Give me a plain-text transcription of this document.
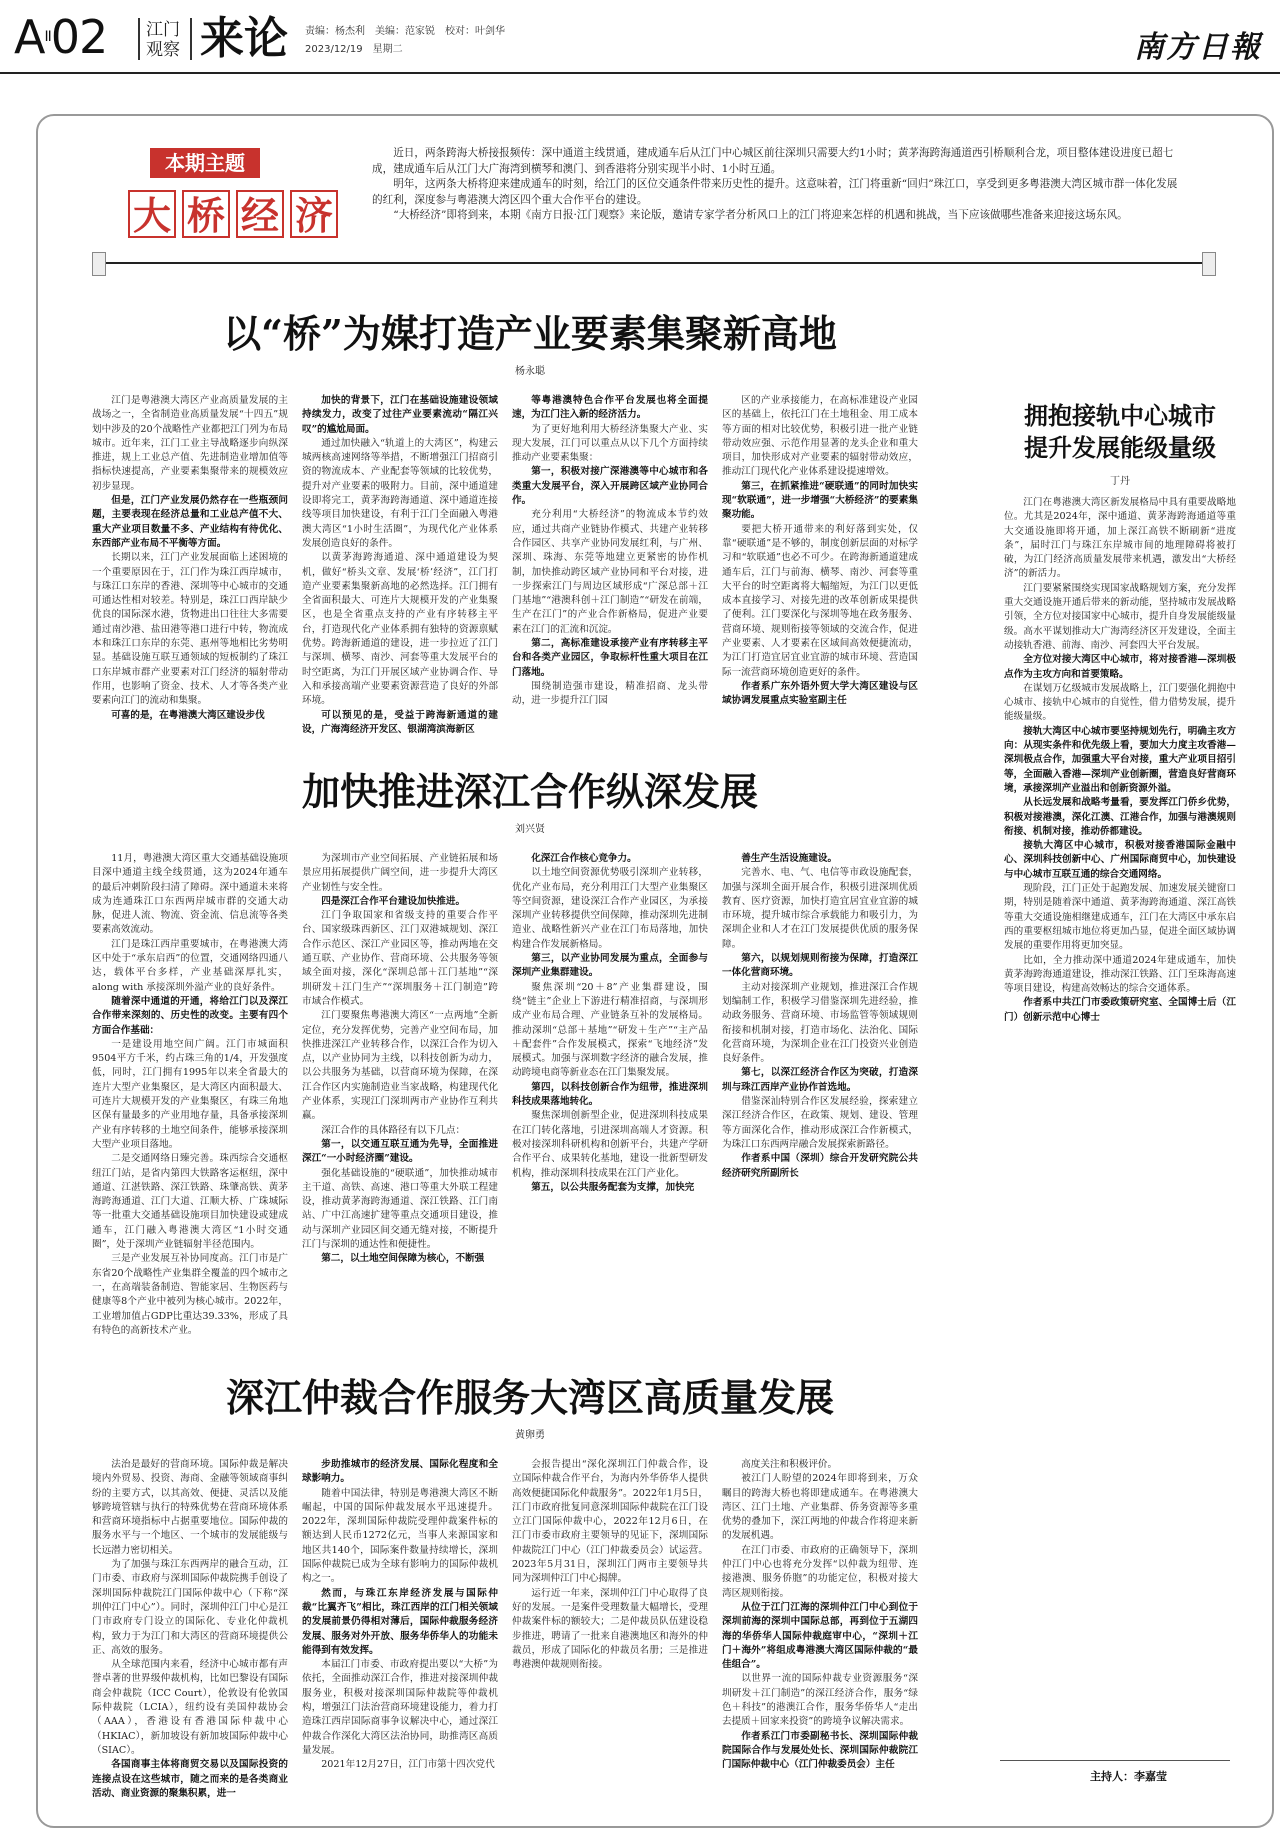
AII02 江门
观察 来论 责编：杨杰利　美编：范家锐　校对：叶剑华
2023/12/19　星期二	南方日報
本期主题
大 桥 经 济

近日，两条跨海大桥接报频传：深中通道主线贯通，建成通车后从江门中心城区前往深圳只需要大约1小时；黄茅海跨海通道西引桥顺利合龙，项目整体建设进度已超七成，建成通车后从江门大广海湾到横琴和澳门、到香港将分别实现半小时、1小时互通。

明年，这两条大桥将迎来建成通车的时刻，给江门的区位交通条件带来历史性的提升。这意味着，江门将重新“回归”珠江口，享受到更多粤港澳大湾区城市群一体化发展的红利，深度参与粤港澳大湾区四个重大合作平台的建设。

“大桥经济”即将到来，本期《南方日报·江门观察》来论版，邀请专家学者分析风口上的江门将迎来怎样的机遇和挑战，当下应该做哪些准备来迎接这场东风。

以“桥”为媒打造产业要素集聚新高地
杨永聪

江门是粤港澳大湾区产业高质量发展的主战场之一，全省制造业高质量发展“十四五”规划中涉及的20个战略性产业都把江门列为布局城市。近年来，江门工业主导战略逐步向纵深推进，规上工业总产值、先进制造业增加值等指标快速提高，产业要素集聚带来的规模效应初步显现。

但是，江门产业发展仍然存在一些瓶颈问题，主要表现在经济总量和工业总产值不大、重大产业项目数量不多、产业结构有待优化、东西部产业布局不平衡等方面。

长期以来，江门产业发展面临上述困境的一个重要原因在于，江门作为珠江西岸城市，与珠江口东岸的香港、深圳等中心城市的交通可通达性相对较差。特别是，珠江口西岸缺少优良的国际深水港，货物进出口往往大多需要通过南沙港、盐田港等港口进行中转，物流成本和珠江口东岸的东莞、惠州等地相比劣势明显。基础设施互联互通领域的短板制约了珠江口东岸城市群产业要素对江门经济的辐射带动作用，也影响了资金、技术、人才等各类产业要素向江门的流动和集聚。

可喜的是，在粤港澳大湾区建设步伐

加快的背景下，江门在基础设施建设领域持续发力，改变了过往产业要素流动“隔江兴叹”的尴尬局面。

通过加快融入“轨道上的大湾区”，构建云城两核高速网络等举措，不断增强江门招商引资的物流成本、产业配套等领域的比较优势，提升对产业要素的吸附力。目前，深中通道建设即将完工，黄茅海跨海通道、深中通道连接线等项目加快建设，有利于江门全面融入粤港澳大湾区“1小时生活圈”，为现代化产业体系发展创造良好的条件。

以黄茅海跨海通道、深中通道建设为契机，做好“桥头文章、发展‘桥’经济”，江门打造产业要素集聚新高地的必然选择。江门拥有全省面积最大、可连片大规模开发的产业集聚区，也是全省重点支持的产业有序转移主平台，打造现代化产业体系拥有独特的资源禀赋优势。跨海新通道的建设，进一步拉近了江门与深圳、横琴、南沙、河套等重大发展平台的时空距离，为江门开展区域产业协调合作、导入和承接高端产业要素资源营造了良好的外部环境。

可以预见的是，受益于跨海新通道的建设，广海湾经济开发区、银湖湾滨海新区

等粤港澳特色合作平台发展也将全面提速，为江门注入新的经济活力。

为了更好地利用大桥经济集聚大产业、实现大发展，江门可以重点从以下几个方面持续推动产业要素集聚：

第一，积极对接广深港澳等中心城市和各类重大发展平台，深入开展跨区域产业协同合作。

充分利用“大桥经济”的物流成本节约效应，通过共商产业链协作模式、共建产业转移合作园区、共享产业协同发展红利，与广州、深圳、珠海、东莞等地建立更紧密的协作机制，加快推动跨区域产业协同和平台对接，进一步探索江门与周边区域形成“广深总部＋江门基地”“港澳科创＋江门制造”“研发在前端，生产在江门”的产业合作新格局，促进产业要素在江门的汇流和沉淀。

第二，高标准建设承接产业有序转移主平台和各类产业园区，争取标杆性重大项目在江门落地。

围绕制造强市建设，精准招商、龙头带动，进一步提升江门园

区的产业承接能力，在高标准建设产业园区的基础上，依托江门在土地租金、用工成本等方面的相对比较优势，积极引进一批产业链带动效应强、示范作用显著的龙头企业和重大项目，加快形成对产业要素的辐射带动效应，推动江门现代化产业体系建设提速增效。

第三，在抓紧推进“硬联通”的同时加快实现“软联通”，进一步增强“大桥经济”的要素集聚功能。

要把大桥开通带来的利好落到实处，仅靠“硬联通”是不够的，制度创新层面的对标学习和“软联通”也必不可少。在跨海新通道建成通车后，江门与前海、横琴、南沙、河套等重大平台的时空距离将大幅缩短，为江门以更低成本直接学习、对接先进的改革创新成果提供了便利。江门要深化与深圳等地在政务服务、营商环境、规则衔接等领域的交流合作，促进产业要素、人才要素在区域间高效便捷流动，为江门打造宜居宜业宜游的城市环境、营造国际一流营商环境创造更好的条件。

作者系广东外语外贸大学大湾区建设与区域协调发展重点实验室副主任

加快推进深江合作纵深发展
刘兴贤

11月，粤港澳大湾区重大交通基础设施项目深中通道主线全线贯通，这为2024年通车的最后冲刺阶段扫清了障碍。深中通道未来将成为连通珠江口东西两岸城市群的交通大动脉，促进人流、物流、资金流、信息流等各类要素高效流动。

江门是珠江西岸重要城市，在粤港澳大湾区中处于“承东启西”的位置，交通网络四通八达，载体平台多样，产业基础深厚扎实，along with 承接深圳外溢产业的良好条件。

随着深中通道的开通，将给江门以及深江合作带来深刻的、历史性的改变。主要有四个方面合作基础：

一是建设用地空间广阔。江门市城面积9504平方千米，约占珠三角的1/4，开发强度低，同时，江门拥有1995年以来全省最大的连片大型产业集聚区，是大湾区内面积最大、可连片大规模开发的产业集聚区，有珠三角地区保有量最多的产业用地存量，具备承接深圳产业有序转移的土地空间条件，能够承接深圳大型产业项目落地。

二是交通网络日臻完善。珠西综合交通枢纽江门站，是省内第四大铁路客运枢纽，深中通道、江湛铁路、深江铁路、珠肇高铁、黄茅海跨海通道、江门大道、江顺大桥、广珠城际等一批重大交通基础设施项目加快建设或建成通车，江门融入粤港澳大湾区“1小时交通圈”，处于深圳产业链辐射半径范围内。

三是产业发展互补协同度高。江门市是广东省20个战略性产业集群全覆盖的四个城市之一，在高端装备制造、智能家居、生物医药与健康等8个产业中被列为核心城市。2022年，工业增加值占GDP比重达39.33%，形成了具有特色的高新技术产业。

为深圳市产业空间拓展、产业链拓展和场景应用拓展提供广阔空间，进一步提升大湾区产业韧性与安全性。

四是深江合作平台建设加快推进。

江门争取国家和省级支持的重要合作平台、国家级珠西新区、江门双港城规划、深江合作示范区、深江产业园区等，推动两地在交通互联、产业协作、营商环境、公共服务等领域全面对接，深化“深圳总部＋江门基地”“深圳研发＋江门生产”“深圳服务＋江门制造”跨市域合作模式。

江门要聚焦粤港澳大湾区“一点两地”全新定位，充分发挥优势，完善产业空间布局，加快推进深江产业转移合作，以深江合作为切入点，以产业协同为主线，以科技创新为动力，以公共服务为基础，以营商环境为保障，在深江合作区内实施制造业当家战略，构建现代化产业体系，实现江门深圳两市产业协作互利共赢。

深江合作的具体路径有以下几点：

第一，以交通互联互通为先导，全面推进深江“一小时经济圈”建设。

强化基础设施的“硬联通”，加快推动城市主干道、高铁、高速、港口等重大外联工程建设，推动黄茅海跨海通道、深江铁路、江门南站、广中江高速扩建等重点交通项目建设，推动与深圳产业园区间交通无缝对接，不断提升江门与深圳的通达性和便捷性。

第二，以土地空间保障为核心，不断强

化深江合作核心竞争力。

以土地空间资源优势吸引深圳产业转移，优化产业布局，充分利用江门大型产业集聚区等空间资源，建设深江合作产业园区，为承接深圳产业转移提供空间保障，推动深圳先进制造业、战略性新兴产业在江门布局落地，加快构建合作发展新格局。

第三，以产业协同发展为重点，全面参与深圳产业集群建设。

聚焦深圳“20＋8”产业集群建设，围绕“链主”企业上下游进行精准招商，与深圳形成产业布局合理、产业链条互补的发展格局。推动深圳“总部＋基地”“研发＋生产”“主产品＋配套件”合作发展模式，探索“飞地经济”发展模式。加强与深圳数字经济的融合发展，推动跨境电商等新业态在江门集聚发展。

第四，以科技创新合作为纽带，推进深圳科技成果落地转化。

聚焦深圳创新型企业，促进深圳科技成果在江门转化落地，引进深圳高端人才资源。积极对接深圳科研机构和创新平台，共建产学研合作平台、成果转化基地，建设一批新型研发机构，推动深圳科技成果在江门产业化。

第五，以公共服务配套为支撑，加快完

善生产生活设施建设。

完善水、电、气、电信等市政设施配套，加强与深圳全面开展合作，积极引进深圳优质教育、医疗资源，加快打造宜居宜业宜游的城市环境，提升城市综合承载能力和吸引力，为深圳企业和人才在江门发展提供优质的服务保障。

第六，以规划规则衔接为保障，打造深江一体化营商环境。

主动对接深圳产业规划，推进深江合作规划编制工作，积极学习借鉴深圳先进经验，推动政务服务、营商环境、市场监管等领域规则衔接和机制对接，打造市场化、法治化、国际化营商环境，为深圳企业在江门投资兴业创造良好条件。

第七，以深江经济合作区为突破，打造深圳与珠江西岸产业协作首选地。

借鉴深汕特别合作区发展经验，探索建立深江经济合作区，在政策、规划、建设、管理等方面深化合作，推动形成深江合作新模式，为珠江口东西两岸融合发展探索新路径。

作者系中国（深圳）综合开发研究院公共经济研究所副所长

深江仲裁合作服务大湾区高质量发展
黄卵勇

法治是最好的营商环境。国际仲裁是解决境内外贸易、投资、海商、金融等领域商事纠纷的主要方式，以其高效、便捷、灵活以及能够跨境管辖与执行的特殊优势在营商环境体系和营商环境指标中占据重要地位。国际仲裁的服务水平与一个地区、一个城市的发展能级与长远潜力密切相关。

为了加强与珠江东西两岸的融合互动，江门市委、市政府与深圳国际仲裁院携手创设了深圳国际仲裁院江门国际仲裁中心（下称“深圳仲江门中心”）。同时，深圳仲江门中心是江门市政府专门设立的国际化、专业化仲裁机构，致力于为江门和大湾区的营商环境提供公正、高效的服务。

从全球范围内来看，经济中心城市都有声誉卓著的世界级仲裁机构，比如巴黎设有国际商会仲裁院（ICC Court），伦敦设有伦敦国际仲裁院（LCIA），纽约设有美国仲裁协会（AAA），香港设有香港国际仲裁中心（HKIAC），新加坡设有新加坡国际仲裁中心（SIAC）。

各国商事主体将商贸交易以及国际投资的连接点设在这些城市，随之而来的是各类商业活动、商业资源的聚集积累，进一

步助推城市的经济发展、国际化程度和全球影响力。

随着中国法律，特别是粤港澳大湾区不断崛起，中国的国际仲裁发展水平迅速提升。2022年，深圳国际仲裁院受理仲裁案件标的额达到人民币1272亿元，当事人来源国家和地区共140个，国际案件数量持续增长，深圳国际仲裁院已成为全球有影响力的国际仲裁机构之一。

然而，与珠江东岸经济发展与国际仲裁“比翼齐飞”相比，珠江西岸的江门相关领域的发展前景仍得相对薄后，国际仲裁服务经济发展、服务对外开放、服务华侨华人的功能未能得到有效发挥。

本届江门市委、市政府提出要以“大桥”为依托，全面推动深江合作，推进对接深圳仲裁服务业，积极对接深圳国际仲裁院等仲裁机构，增强江门法治营商环境建设能力，着力打造珠江西岸国际商事争议解决中心，通过深江仲裁合作深化大湾区法治协同，助推湾区高质量发展。

2021年12月27日，江门市第十四次党代

会报告提出“深化深圳江门仲裁合作，设立国际仲裁合作平台，为海内外华侨华人提供高效便捷国际化仲裁服务”。2022年1月5日，江门市政府批复同意深圳国际仲裁院在江门设立江门国际仲裁中心，2022年12月6日，在江门市委市政府主要领导的见证下，深圳国际仲裁院江门中心（江门仲裁委员会）试运营。2023年5月31日，深圳江门两市主要领导共同为深圳仲江门中心揭牌。

运行近一年来，深圳仲江门中心取得了良好的发展。一是案件受理数量大幅增长，受理仲裁案件标的额较大；二是仲裁员队伍建设稳步推进，聘请了一批来自港澳地区和海外的仲裁员，形成了国际化的仲裁员名册；三是推进粤港澳仲裁规则衔接。

高度关注和积极评价。

被江门人盼望的2024年即将到来，万众瞩目的跨海大桥也将即建成通车。在粤港澳大湾区、江门土地、产业集群、侨务资源等多重优势的叠加下，深江两地的仲裁合作将迎来新的发展机遇。

在江门市委、市政府的正确领导下，深圳仲江门中心也将充分发挥“以仲裁为纽带、连接港澳、服务侨胞”的功能定位，积极对接大湾区规则衔接。

从位于江门江海的深圳仲江门中心到位于深圳前海的深圳中国际总部，再到位于五湖四海的华侨华人国际仲裁庭审中心，“深圳＋江门＋海外”将组成粤港澳大湾区国际仲裁的“最佳组合”。

以世界一流的国际仲裁专业资源服务“深圳研发＋江门制造”的深江经济合作，服务“绿色＋科技”的港澳江合作，服务华侨华人“走出去提质＋回家来投资”的跨境争议解决需求。

作者系江门市委副秘书长、深圳国际仲裁院国际合作与发展处处长、深圳国际仲裁院江门国际仲裁中心（江门仲裁委员会）主任

拥抱接轨中心城市
提升发展能级量级
丁丹

江门在粤港澳大湾区新发展格局中具有重要战略地位。尤其是2024年，深中通道、黄茅海跨海通道等重大交通设施即将开通，加上深江高铁不断刷新“进度条”，届时江门与珠江东岸城市间的地理障碍将被打破，为江门经济高质量发展带来机遇，激发出“大桥经济”的新活力。

江门要紧紧围绕实现国家战略规划方案，充分发挥重大交通设施开通后带来的新动能，坚持城市发展战略引领，全方位对接国家中心城市，提升自身发展能级量级。高水平谋划推动大广海湾经济区开发建设，全面主动接轨香港、前海、南沙、河套四大平台发展。

全方位对接大湾区中心城市，将对接香港—深圳极点作为主攻方向和首要策略。

在谋划万亿级城市发展战略上，江门要强化拥抱中心城市、接轨中心城市的自觉性，借力借势发展，提升能级量级。

接轨大湾区中心城市要坚持规划先行，明确主攻方向：从现实条件和优先级上看，要加大力度主攻香港—深圳极点合作，加强重大平台对接，重大产业项目招引等，全面融入香港—深圳产业创新圈，营造良好营商环境，承接深圳产业溢出和创新资源外溢。

从长远发展和战略考量看，要发挥江门侨乡优势，积极对接港澳，深化江澳、江港合作，加强与港澳规则衔接、机制对接，推动侨都建设。

接轨大湾区中心城市，积极对接香港国际金融中心、深圳科技创新中心、广州国际商贸中心，加快建设与中心城市互联互通的综合交通网络。

现阶段，江门正处于起跑发展、加速发展关键窗口期，特别是随着深中通道、黄茅海跨海通道、深江高铁等重大交通设施相继建成通车，江门在大湾区中承东启西的重要枢纽城市地位将更加凸显，促进全面区域协调发展的重要作用将更加突显。

比如，全力推动深中通道2024年建成通车，加快黄茅海跨海通道建设，推动深江铁路、江门至珠海高速等项目建设，构建高效畅达的综合交通体系。

作者系中共江门市委政策研究室、全国博士后（江门）创新示范中心博士

主持人：李嘉莹
